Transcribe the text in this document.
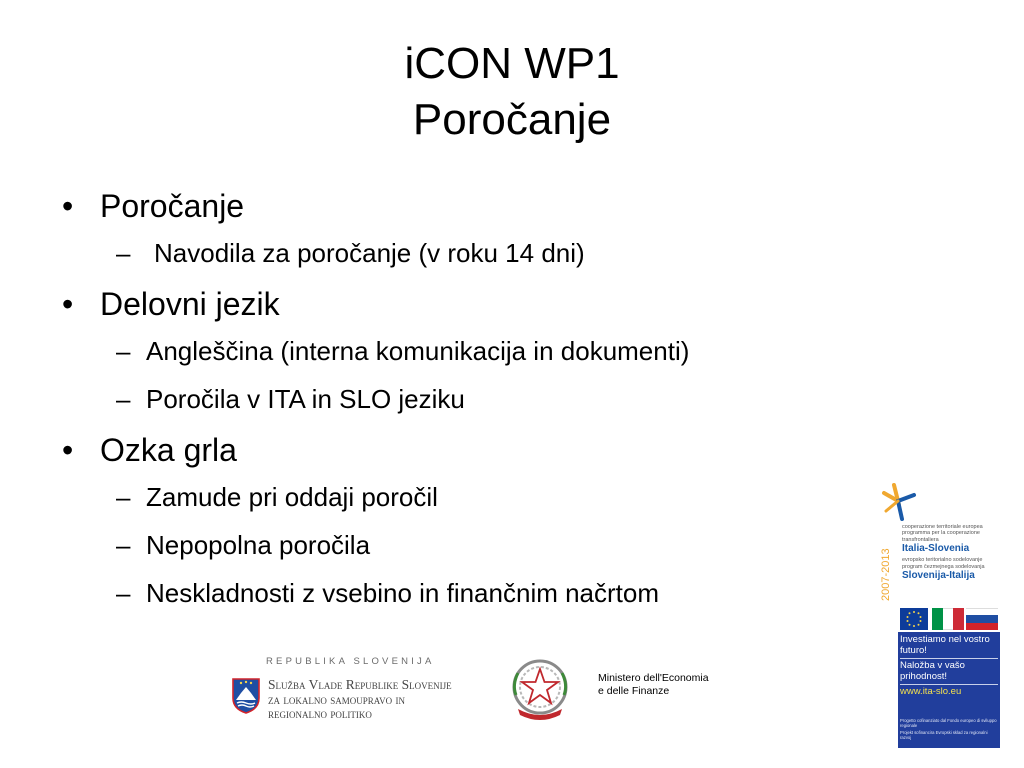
iCON WP1
Poročanje
• Poročanje
– Navodila za poročanje (v roku 14 dni)
• Delovni jezik
– Angleščina (interna komunikacija in dokumenti)
– Poročila v ITA in SLO jeziku
• Ozka grla
– Zamude pri oddaji poročil
– Nepopolna poročila
– Neskladnosti z vsebino in finančnim načrtom
REPUBLIKA SLOVENIJA
Služba Vlade Republike Slovenije
za lokalno samoupravo in
regionalno politiko
Ministero dell'Economia
e delle Finanze
2007-2013
cooperazione territoriale europea programma per la cooperazione transfrontaliera
Italia-Slovenia
evropsko teritorialno sodelovanje program čezmejnega sodelovanja
Slovenija-Italija
Investiamo nel vostro futuro!
Naložba v vašo prihodnost!
www.ita-slo.eu
Progetto cofinanziato dal Fondo europeo di sviluppo regionale
Projekt sofinancira Evropski sklad za regionalni razvoj
